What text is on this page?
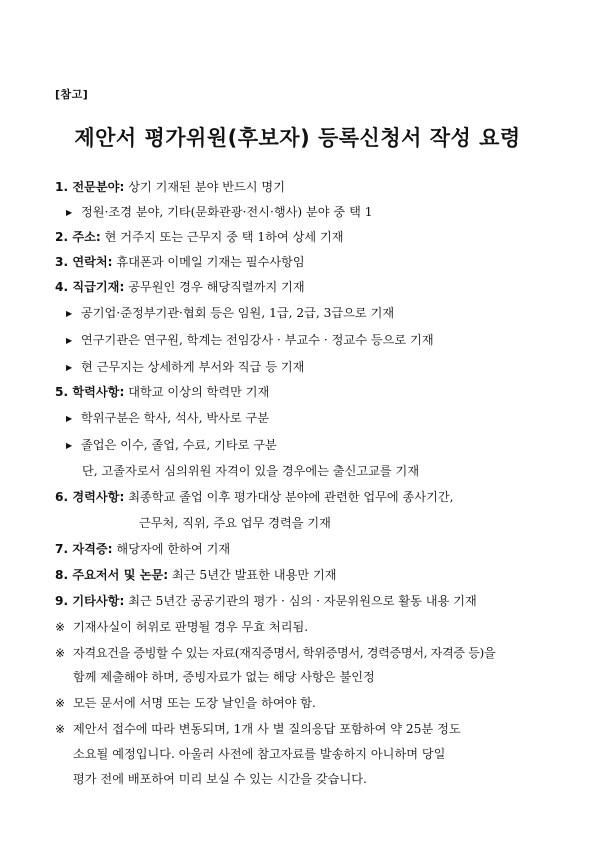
[참고]
제안서 평가위원(후보자) 등록신청서 작성 요령
1. 전문분야: 상기 기재된 분야 반드시 명기
▶ 정원·조경 분야, 기타(문화관광·전시·행사) 분야 중 택 1
2. 주소: 현 거주지 또는 근무지 중 택 1하여 상세 기재
3. 연락처: 휴대폰과 이메일 기재는 필수사항임
4. 직급기재: 공무원인 경우 해당직렬까지 기재
▶ 공기업·준정부기관·협회 등은 임원, 1급, 2급, 3급으로 기재
▶ 연구기관은 연구원, 학계는 전임강사 · 부교수 · 정교수 등으로 기재
▶ 현 근무지는 상세하게 부서와 직급 등 기재
5. 학력사항: 대학교 이상의 학력만 기재
▶ 학위구분은 학사, 석사, 박사로 구분
▶ 졸업은 이수, 졸업, 수료, 기타로 구분
단, 고졸자로서 심의위원 자격이 있을 경우에는 출신고교를 기재
6. 경력사항: 최종학교 졸업 이후 평가대상 분야에 관련한 업무에 종사기간,
근무처, 직위, 주요 업무 경력을 기재
7. 자격증: 해당자에 한하여 기재
8. 주요저서 및 논문: 최근 5년간 발표한 내용만 기재
9. 기타사항: 최근 5년간 공공기관의 평가 · 심의 · 자문위원으로 활동 내용 기재
※ 기재사실이 허위로 판명될 경우 무효 처리됨.
※ 자격요건을 증빙할 수 있는 자료(재직증명서, 학위증명서, 경력증명서, 자격증 등)을
함께 제출해야 하며, 증빙자료가 없는 해당 사항은 불인정
※ 모든 문서에 서명 또는 도장 날인을 하여야 함.
※ 제안서 접수에 따라 변동되며, 1개 사 별 질의응답 포함하여 약 25분 정도
소요될 예정입니다. 아울러 사전에 참고자료를 발송하지 아니하며 당일
평가 전에 배포하여 미리 보실 수 있는 시간을 갖습니다.
